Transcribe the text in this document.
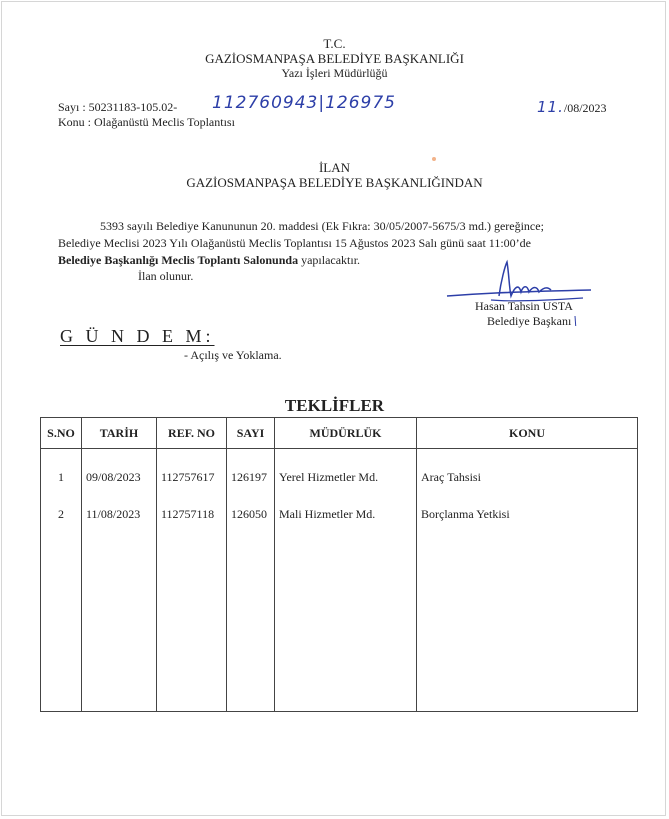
T.C.
GAZİOSMANPAŞA BELEDİYE BAŞKANLIĞI
Yazı İşleri Müdürlüğü
Sayı : 50231183-105.02- 112760943|126975	11./08/2023
Konu : Olağanüstü Meclis Toplantısı
İLAN
GAZİOSMANPAŞA BELEDİYE BAŞKANLIĞINDAN
5393 sayılı Belediye Kanununun 20. maddesi (Ek Fıkra: 30/05/2007-5675/3 md.) gereğince;
Belediye Meclisi 2023 Yılı Olağanüstü Meclis Toplantısı 15 Ağustos 2023 Salı günü saat 11:00’de
Belediye Başkanlığı Meclis Toplantı Salonunda yapılacaktır.
İlan olunur.
Hasan Tahsin USTA
Belediye Başkanı
G Ü N D E M:
- Açılış ve Yoklama.
TEKLİFLER
S.NO	TARİH	REF. NO	SAYI	MÜDÜRLÜK	KONU

1	09/08/2023	112757617	126197	Yerel Hizmetler Md.	Araç Tahsisi
2	11/08/2023	112757118	126050	Mali Hizmetler Md.	Borçlanma Yetkisi
